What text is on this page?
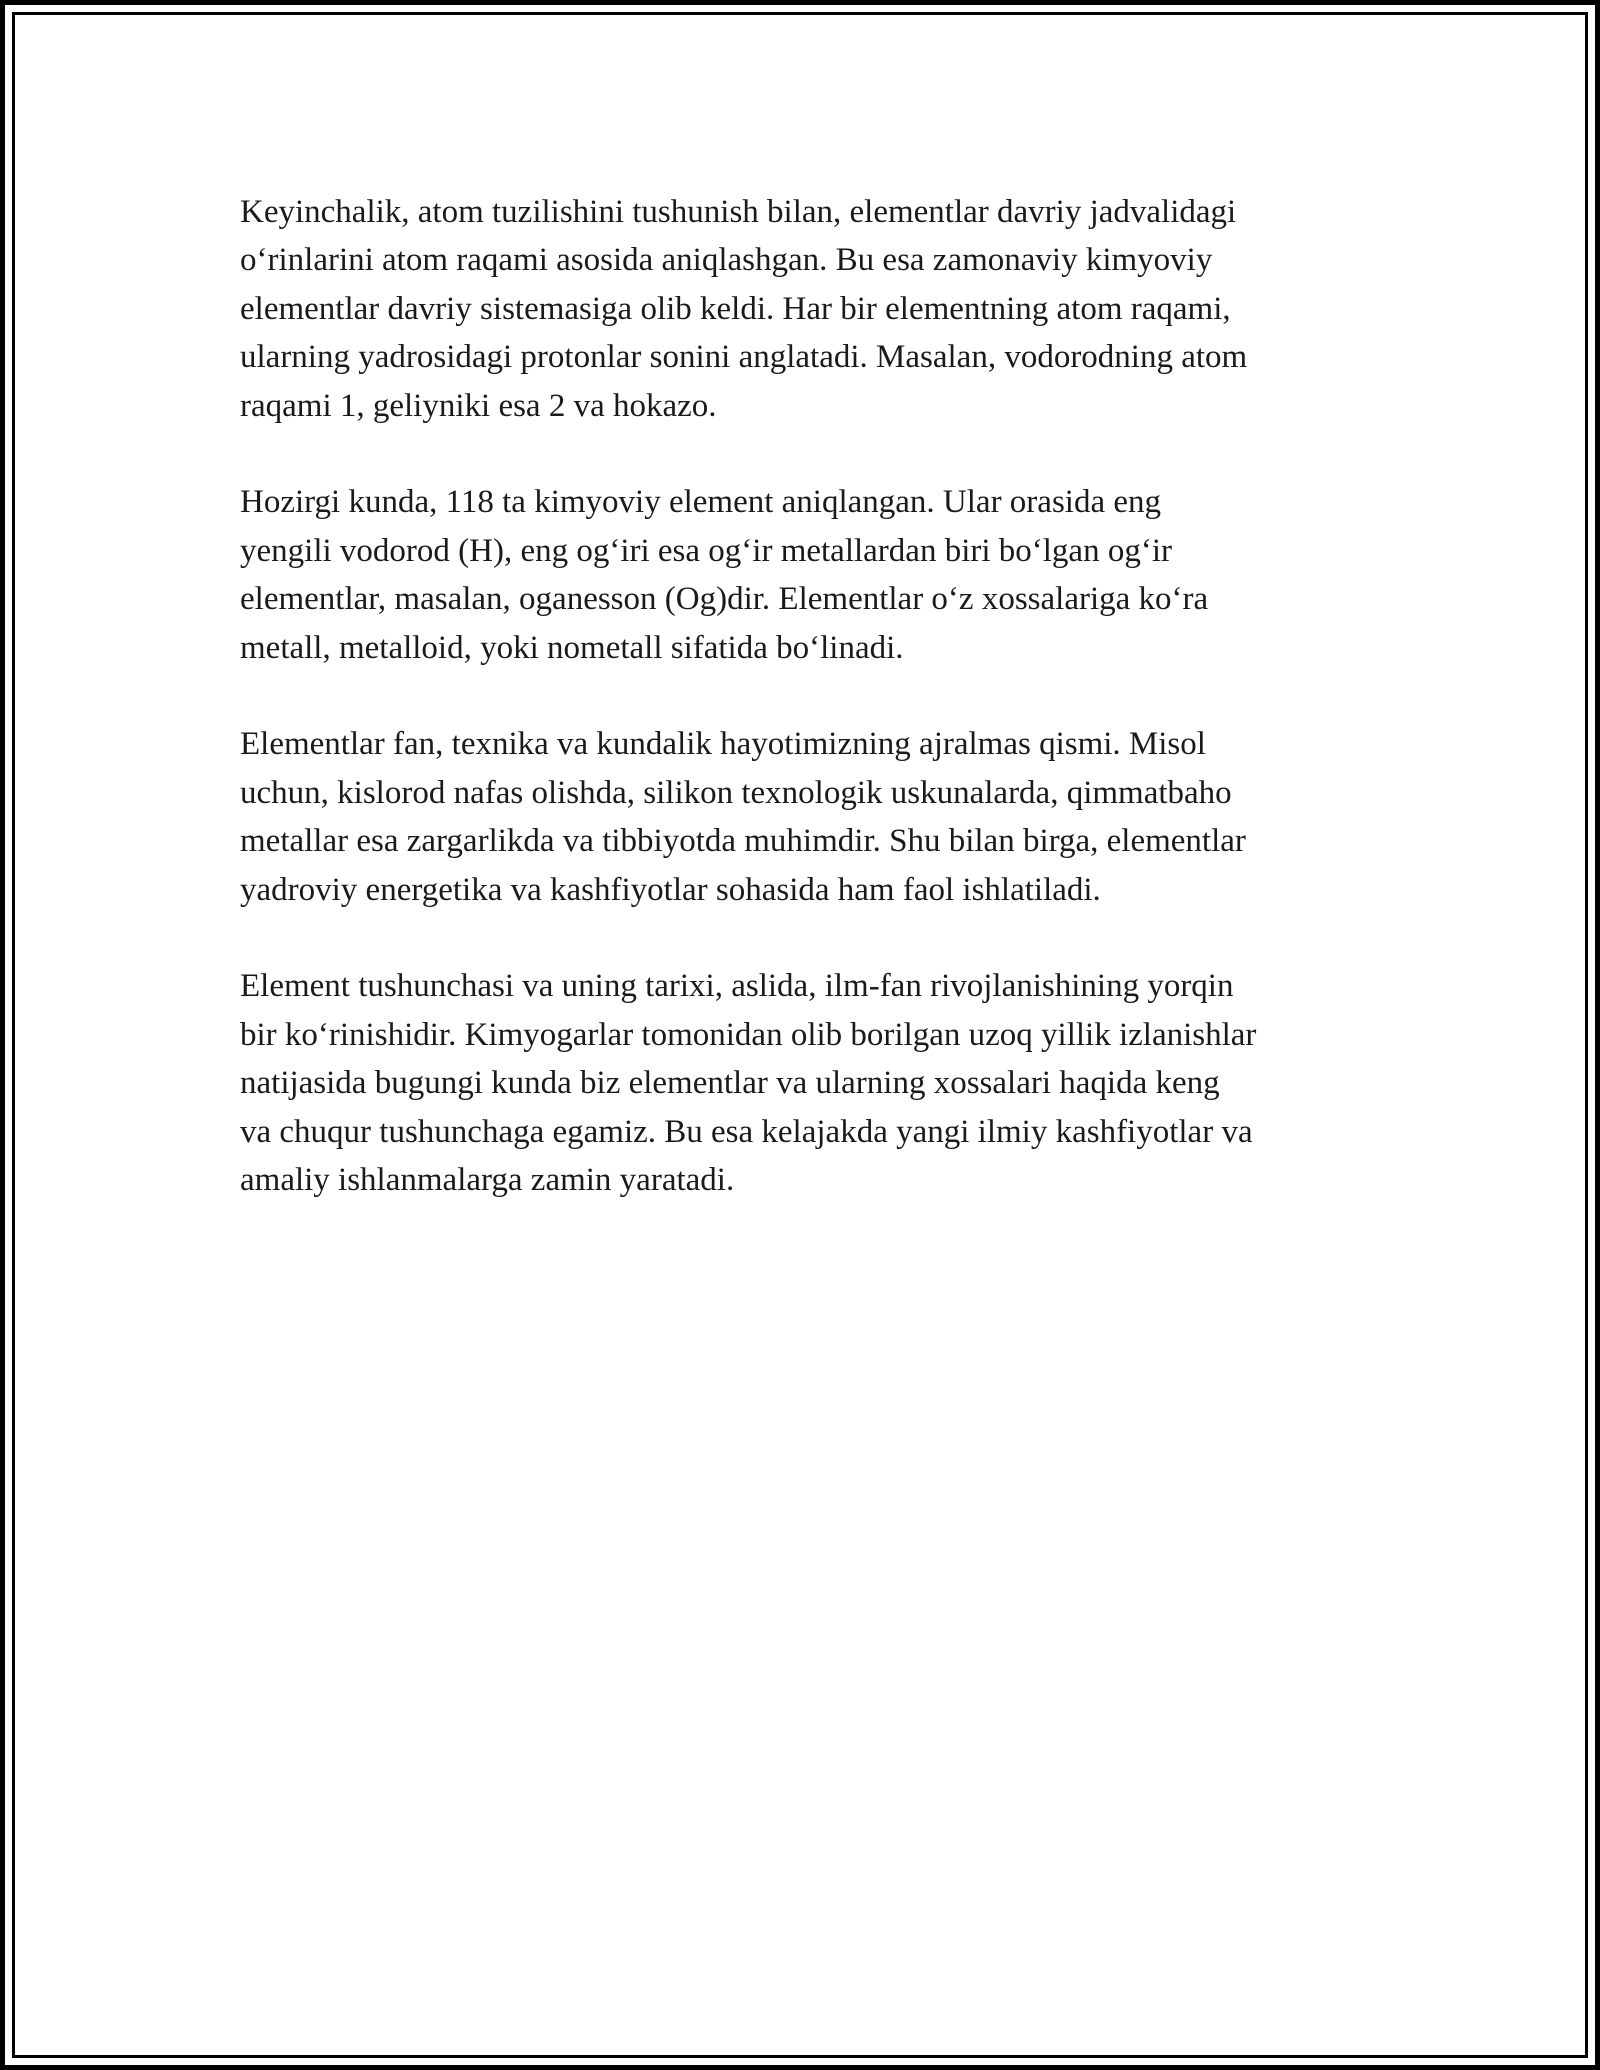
Keyinchalik, atom tuzilishini tushunish bilan, elementlar davriy jadvalidagi
o‘rinlarini atom raqami asosida aniqlashgan. Bu esa zamonaviy kimyoviy
elementlar davriy sistemasiga olib keldi. Har bir elementning atom raqami,
ularning yadrosidagi protonlar sonini anglatadi. Masalan, vodorodning atom
raqami 1, geliyniki esa 2 va hokazo.

Hozirgi kunda, 118 ta kimyoviy element aniqlangan. Ular orasida eng
yengili vodorod (H), eng og‘iri esa og‘ir metallardan biri bo‘lgan og‘ir
elementlar, masalan, oganesson (Og)dir. Elementlar o‘z xossalariga ko‘ra
metall, metalloid, yoki nometall sifatida bo‘linadi.

Elementlar fan, texnika va kundalik hayotimizning ajralmas qismi. Misol
uchun, kislorod nafas olishda, silikon texnologik uskunalarda, qimmatbaho
metallar esa zargarlikda va tibbiyotda muhimdir. Shu bilan birga, elementlar
yadroviy energetika va kashfiyotlar sohasida ham faol ishlatiladi.

Element tushunchasi va uning tarixi, aslida, ilm-fan rivojlanishining yorqin
bir ko‘rinishidir. Kimyogarlar tomonidan olib borilgan uzoq yillik izlanishlar
natijasida bugungi kunda biz elementlar va ularning xossalari haqida keng
va chuqur tushunchaga egamiz. Bu esa kelajakda yangi ilmiy kashfiyotlar va
amaliy ishlanmalarga zamin yaratadi.
